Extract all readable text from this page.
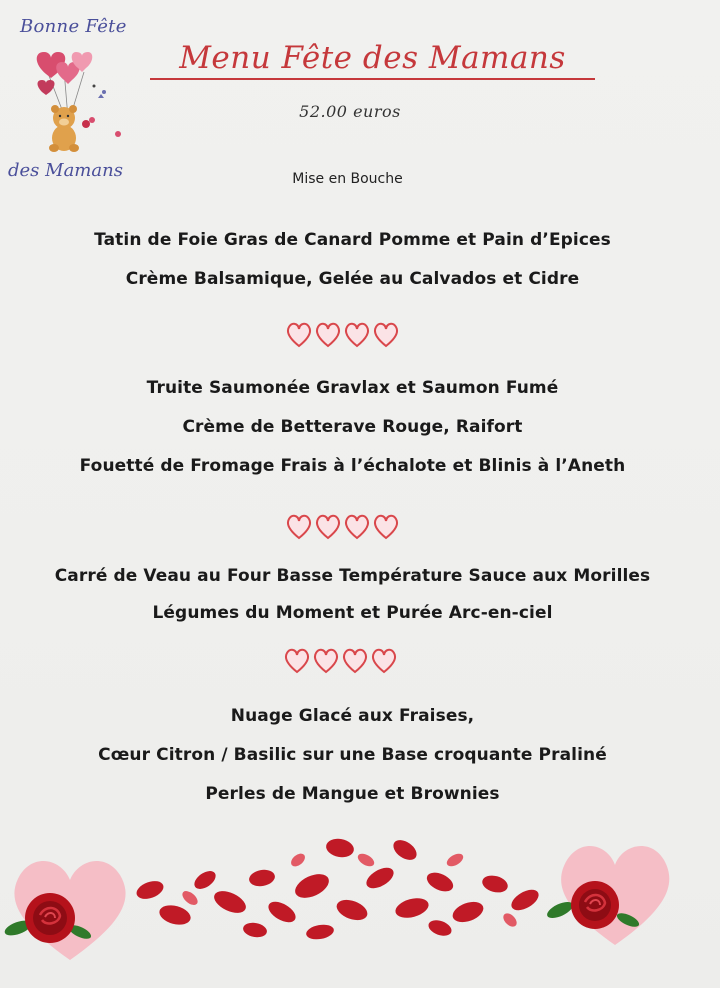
Bonne Fête
des Mamans
Menu Fête des Mamans
52.00 euros
Mise en Bouche
Tatin de Foie Gras de Canard Pomme et Pain d’Epices
Crème Balsamique, Gelée au Calvados et Cidre
Truite Saumonée Gravlax et Saumon Fumé
Crème de Betterave Rouge, Raifort
Fouetté de Fromage Frais à l’échalote et Blinis à l’Aneth
Carré de Veau au Four Basse Température Sauce aux Morilles
Légumes du Moment et Purée Arc-en-ciel
Nuage Glacé aux Fraises,
Cœur Citron / Basilic sur une Base croquante Praliné
Perles de Mangue et Brownies
